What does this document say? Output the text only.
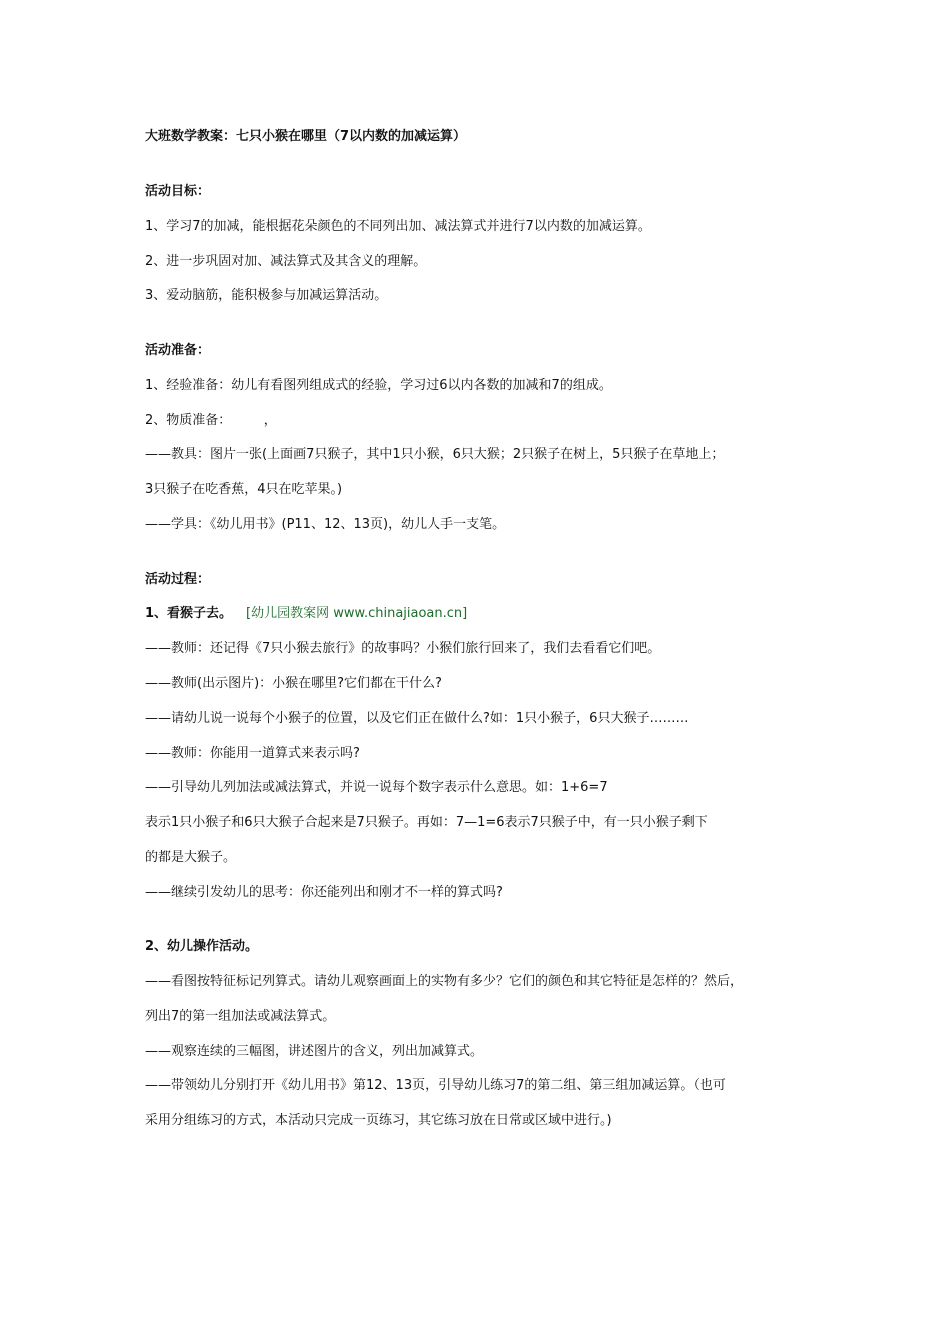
大班数学教案：七只小猴在哪里（7以内数的加减运算）
活动目标：
1、学习7的加减，能根据花朵颜色的不同列出加、减法算式并进行7以内数的加减运算。
2、进一步巩固对加、减法算式及其含义的理解。
3、爱动脑筋，能积极参与加减运算活动。
活动准备：
1、经验准备：幼儿有看图列组成式的经验，学习过6以内各数的加减和7的组成。
2、物质准备：　　　，
——教具：图片一张(上面画7只猴子，其中1只小猴，6只大猴；2只猴子在树上，5只猴子在草地上；
3只猴子在吃香蕉，4只在吃苹果。)
——学具：《幼儿用书》(P11、12、13页)，幼儿人手一支笔。
活动过程：
1、看猴子去。 [幼儿园教案网 www.chinajiaoan.cn]
——教师：还记得《7只小猴去旅行》的故事吗？小猴们旅行回来了，我们去看看它们吧。
——教师(出示图片)：小猴在哪里?它们都在干什么?
——请幼儿说一说每个小猴子的位置，以及它们正在做什么?如：1只小猴子，6只大猴子………
——教师：你能用一道算式来表示吗?
——引导幼儿列加法或减法算式，并说一说每个数字表示什么意思。如：1+6=7
表示1只小猴子和6只大猴子合起来是7只猴子。再如：7—1=6表示7只猴子中，有一只小猴子剩下
的都是大猴子。
——继续引发幼儿的思考：你还能列出和刚才不一样的算式吗?
2、幼儿操作活动。
——看图按特征标记列算式。请幼儿观察画面上的实物有多少？它们的颜色和其它特征是怎样的？然后，
列出7的第一组加法或减法算式。
——观察连续的三幅图，讲述图片的含义，列出加减算式。
——带领幼儿分别打开《幼儿用书》第12、13页，引导幼儿练习7的第二组、第三组加减运算。（也可
采用分组练习的方式，本活动只完成一页练习，其它练习放在日常或区域中进行。)
